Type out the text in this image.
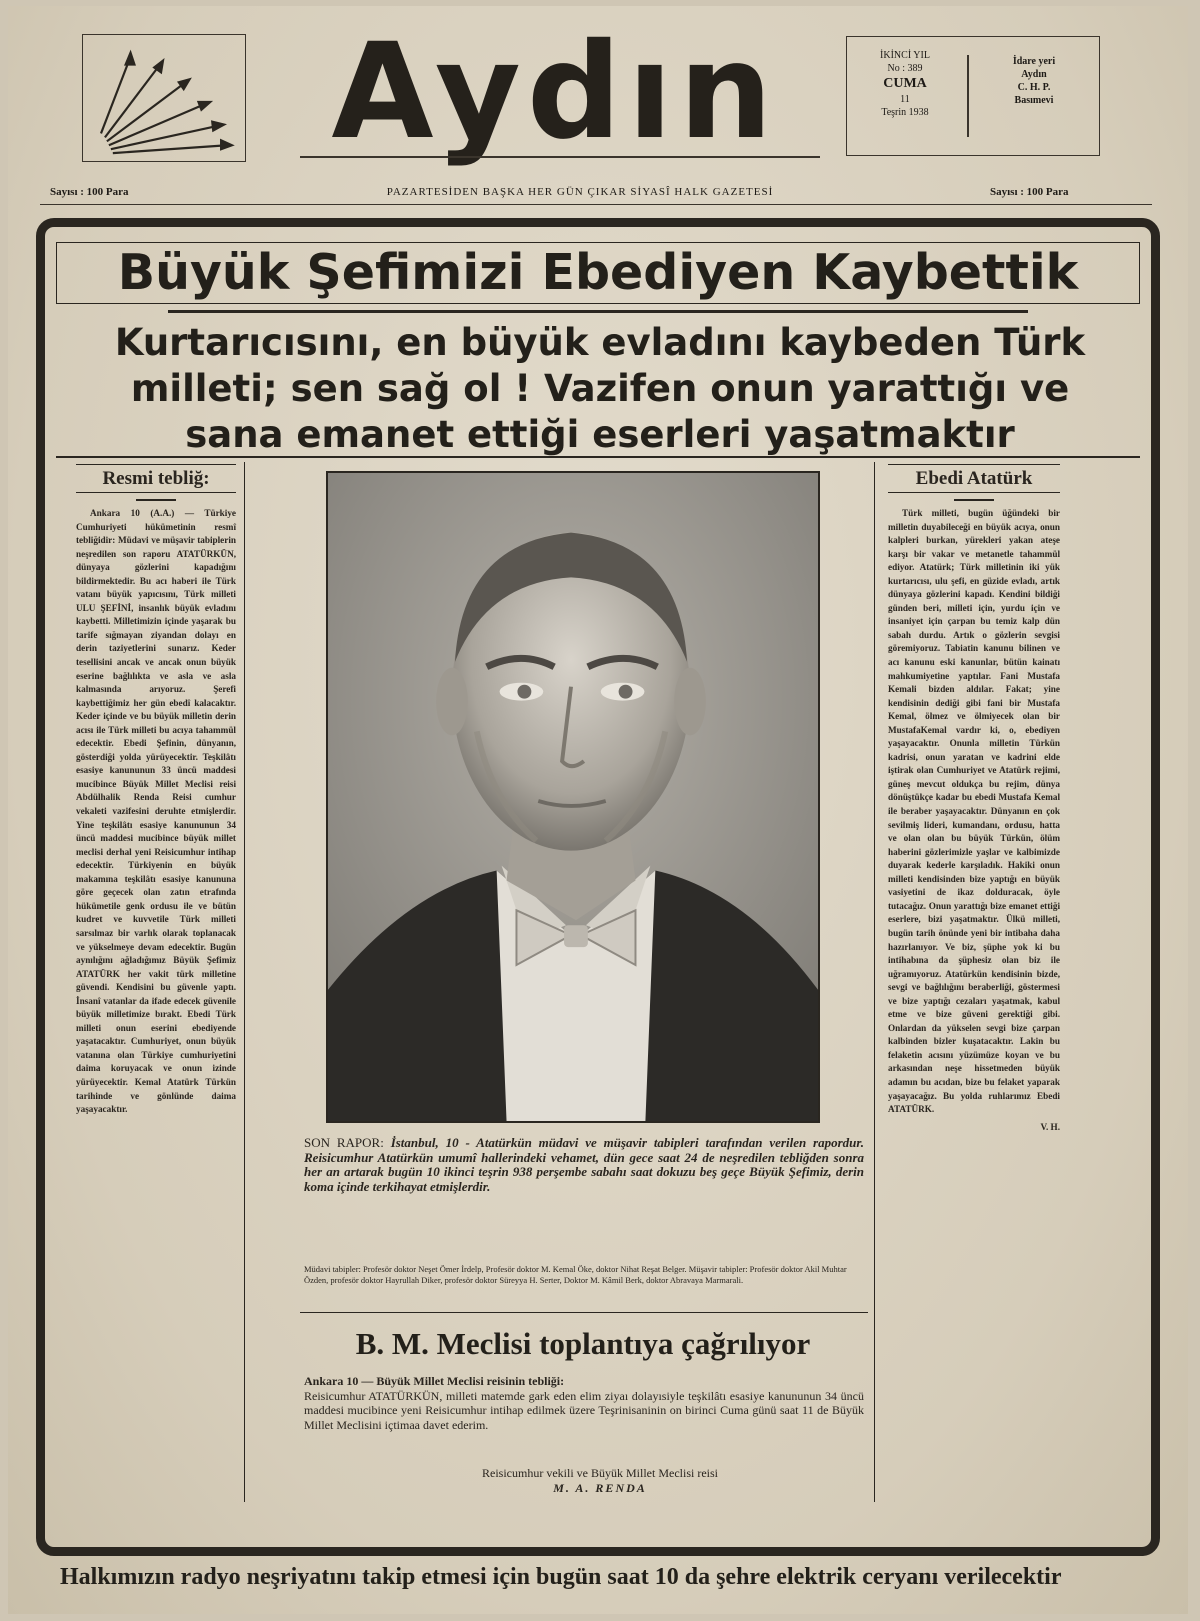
Aydın	İKİNCİ YIL
No : 389
CUMA
11
Teşrin 1938
İdare yeri
Aydın
C. H. P.
Basımevi
Sayısı : 100 Para	PAZARTESİDEN BAŞKA HER GÜN ÇIKAR SİYASÎ HALK GAZETESİ	Sayısı : 100 Para
Büyük Şefimizi Ebediyen Kaybettik
Kurtarıcısını, en büyük evladını kaybeden Türk milleti; sen sağ ol ! Vazifen onun yarattığı ve sana emanet ettiği eserleri yaşatmaktır
Resmi tebliğ:
Ankara 10 (A.A.) — Türkiye Cumhuriyeti hükümetinin resmî tebliğidir: Müdavi ve müşavir tabiplerin neşredilen son raporu ATATÜRKÜN, dünyaya gözlerini kapadığını bildirmektedir. Bu acı haberi ile Türk vatanı büyük yapıcısını, Türk milleti ULU ŞEFİNİ, insanlık büyük evladını kaybetti. Milletimizin içinde yaşarak bu tarife sığmayan ziyandan dolayı en derin taziyetlerini sunarız. Keder tesellisini ancak ve ancak onun büyük eserine bağlılıkta ve asla ve asla kalmasında arıyoruz. Şerefi kaybettiğimiz her gün ebedî kalacaktır. Keder içinde ve bu büyük milletin derin acısı ile Türk milleti bu acıya tahammül edecektir. Ebedi Şefinin, dünyanın, gösterdiği yolda yürüyecektir. Teşkilâtı esasiye kanununun 33 üncü maddesi mucibince Büyük Millet Meclisi reisi Abdülhalik Renda Reisi cumhur vekaleti vazifesini deruhte etmişlerdir. Yine teşkilâtı esasiye kanununun 34 üncü maddesi mucibince büyük millet meclisi derhal yeni Reisicumhur intihap edecektir. Türkiyenin en büyük makamına teşkilâtı esasiye kanununa göre geçecek olan zatın etrafında hükümetile genk ordusu ile ve bütün kudret ve kuvvetile Türk milleti sarsılmaz bir varlık olarak toplanacak ve yükselmeye devam edecektir. Bugün aynılığını ağladığımız Büyük Şefimiz ATATÜRK her vakit türk milletine güvendi. Kendisini bu güvenle yaptı. İnsanî vatanlar da ifade edecek güvenile büyük milletimize bırakt. Ebedi Türk milleti onun eserini ebediyende yaşatacaktır. Cumhuriyet, onun büyük vatanına olan Türkiye cumhuriyetini daima koruyacak ve onun izinde yürüyecektir. Kemal Atatürk Türkün tarihinde ve gönlünde daima yaşayacaktır.
SON RAPOR: İstanbul, 10 - Atatürkün müdavi ve müşavir tabipleri tarafından verilen rapordur. Reisicumhur Atatürkün umumî hallerindeki vehamet, dün gece saat 24 de neşredilen tebliğden sonra her an artarak bugün 10 ikinci teşrin 938 perşembe sabahı saat dokuzu beş geçe Büyük Şefimiz, derin koma içinde terkihayat etmişlerdir.
Müdavi tabipler: Profesör doktor Neşet Ömer İrdelp, Profesör doktor M. Kemal Öke, doktor Nihat Reşat Belger. Müşavir tabipler: Profesör doktor Akil Muhtar Özden, profesör doktor Hayrullah Diker, profesör doktor Süreyya H. Serter, Doktor M. Kâmil Berk, doktor Abravaya Marmarali.
B. M. Meclisi toplantıya çağrılıyor
Ankara 10 — Büyük Millet Meclisi reisinin tebliği:
Reisicumhur ATATÜRKÜN, milleti matemde gark eden elim ziyaı dolayısiyle teşkilâtı esasiye kanununun 34 üncü maddesi mucibince yeni Reisicumhur intihap edilmek üzere Teşrinisaninin on birinci Cuma günü saat 11 de Büyük Millet Meclisini içtimaa davet ederim.
Reisicumhur vekili ve Büyük Millet Meclisi reisi
M. A. RENDA
Ebedi Atatürk
Türk milleti, bugün üğündeki bir milletin duyabileceği en büyük acıya, onun kalpleri burkan, yürekleri yakan ateşe karşı bir vakar ve metanetle tahammül ediyor. Atatürk; Türk milletinin iki yük kurtarıcısı, ulu şefi, en güzide evladı, artık dünyaya gözlerini kapadı. Kendini bildiği günden beri, milleti için, yurdu için ve insaniyet için çarpan bu temiz kalp dün sabah durdu. Artık o gözlerin sevgisi göremiyoruz. Tabiatin kanunu bilinen ve acı kanunu eski kanunlar, bütün kainatı mahkumiyetine yaptılar. Fani Mustafa Kemali bizden aldılar. Fakat; yine kendisinin dediği gibi fani bir Mustafa Kemal, ölmez ve ölmiyecek olan bir MustafaKemal vardır ki, o, ebediyen yaşayacaktır. Onunla milletin Türkün kadrisi, onun yaratan ve kadrini elde iştirak olan Cumhuriyet ve Atatürk rejimi, güneş mevcut oldukça bu rejim, dünya dönüştükçe kadar bu ebedi Mustafa Kemal ile beraber yaşayacaktır. Dünyanın en çok sevilmiş lideri, kumandanı, ordusu, hatta ve olan olan bu büyük Türkün, ölüm haberini gözlerimizle yaşlar ve kalbimizde duyarak kederle karşıladık. Hakiki onun milleti kendisinden bize yaptığı en büyük vasiyetini de ikaz dolduracak, öyle tutacağız. Onun yarattığı bize emanet ettiği eserlere, bizi yaşatmaktır. Ülkü milleti, bugün tarih önünde yeni bir intibaha daha hazırlanıyor. Ve biz, şüphe yok ki bu intihabına da şüphesiz olan biz ile uğramıyoruz. Atatürkün kendisinin bizde, sevgi ve bağlılığını beraberliği, göstermesi ve bize yaptığı cezaları yaşatmak, kabul etme ve bize güveni gerektiği gibi. Onlardan da yükselen sevgi bize çarpan kalbinden bizler kuşatacaktır. Lakin bu felaketin acısını yüzümüze koyan ve bu arkasından neşe hissetmeden büyük adamın bu acıdan, bize bu felaket yaparak yaşayacağız. Bu yolda ruhlarımız Ebedi ATATÜRK.
V. H.
Halkımızın radyo neşriyatını takip etmesi için bugün saat 10 da şehre elektrik ceryanı verilecektir
